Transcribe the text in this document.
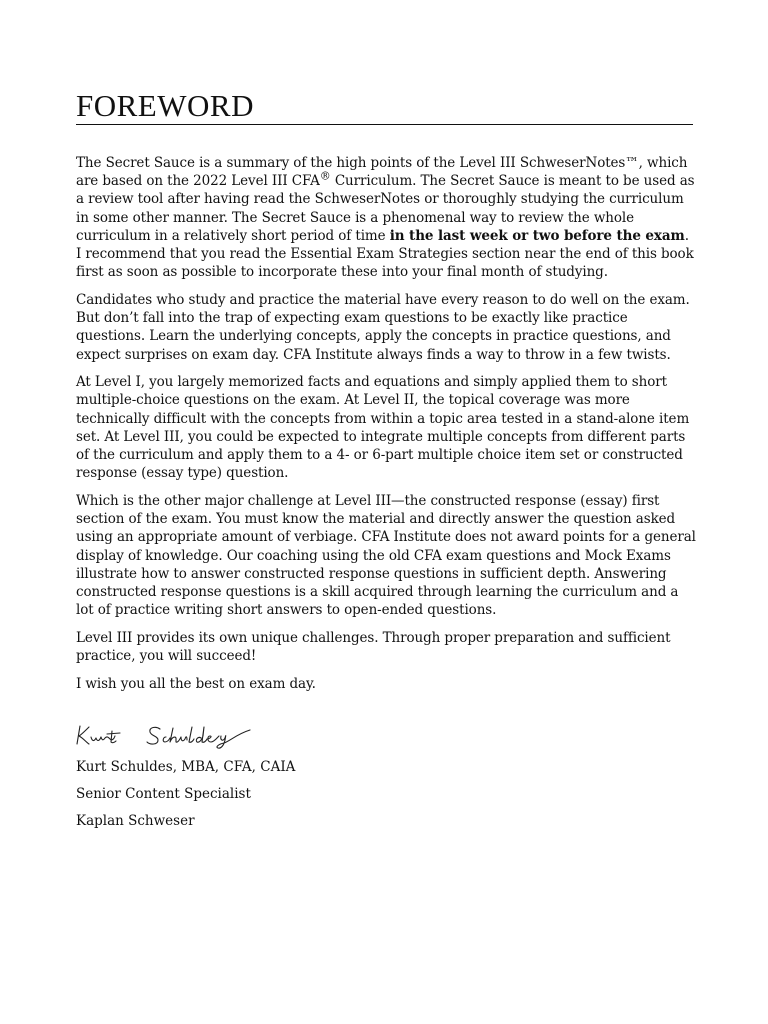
FOREWORD

The Secret Sauce is a summary of the high points of the Level III SchweserNotes™, which are based on the 2022 Level III CFA® Curriculum. The Secret Sauce is meant to be used as a review tool after having read the SchweserNotes or thoroughly studying the curriculum in some other manner. The Secret Sauce is a phenomenal way to review the whole curriculum in a relatively short period of time in the last week or two before the exam. I recommend that you read the Essential Exam Strategies section near the end of this book first as soon as possible to incorporate these into your final month of studying.

Candidates who study and practice the material have every reason to do well on the exam. But don’t fall into the trap of expecting exam questions to be exactly like practice questions. Learn the underlying concepts, apply the concepts in practice questions, and expect surprises on exam day. CFA Institute always finds a way to throw in a few twists.

At Level I, you largely memorized facts and equations and simply applied them to short multiple-choice questions on the exam. At Level II, the topical coverage was more technically difficult with the concepts from within a topic area tested in a stand-alone item set. At Level III, you could be expected to integrate multiple concepts from different parts of the curriculum and apply them to a 4- or 6-part multiple choice item set or constructed response (essay type) question.

Which is the other major challenge at Level III—the constructed response (essay) first section of the exam. You must know the material and directly answer the question asked using an appropriate amount of verbiage. CFA Institute does not award points for a general display of knowledge. Our coaching using the old CFA exam questions and Mock Exams illustrate how to answer constructed response questions in sufficient depth. Answering constructed response questions is a skill acquired through learning the curriculum and a lot of practice writing short answers to open-ended questions.

Level III provides its own unique challenges. Through proper preparation and sufficient practice, you will succeed!

I wish you all the best on exam day.

Kurt Schuldes, MBA, CFA, CAIA
Senior Content Specialist
Kaplan Schweser
